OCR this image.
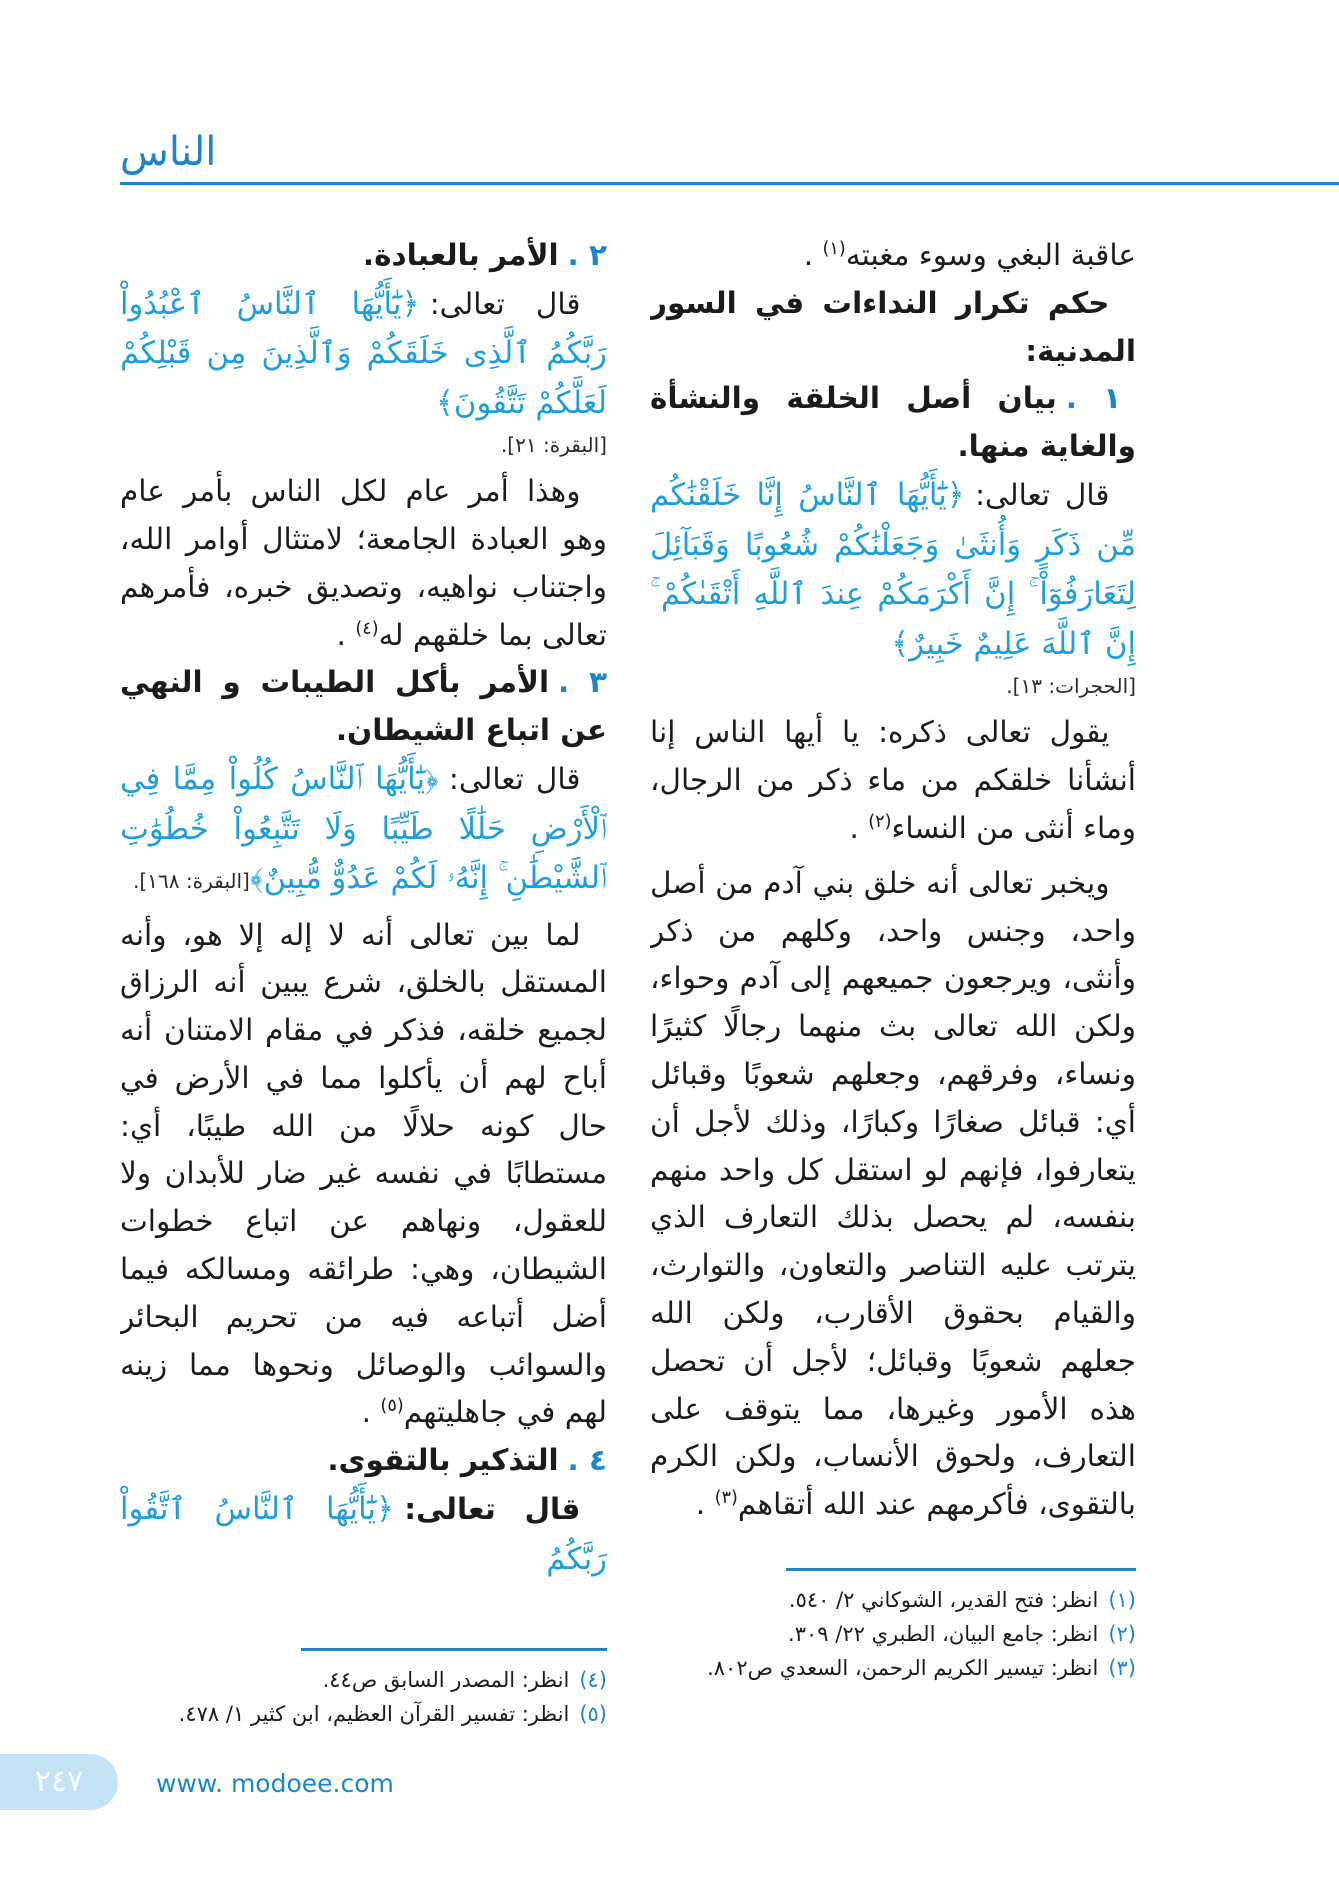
الناس

عاقبة البغي وسوء مغبته$^{(١)}$ .

حكم تكرار النداءات في السور المدنية:
١ .بيان أصل الخلقة والنشأة والغاية منها.

قال تعالى:﴿يَٰٓأَيُّهَا ٱلنَّاسُ إِنَّا خَلَقْنَٰكُم مِّن ذَكَرٍ وَأُنثَىٰ وَجَعَلْنَٰكُمْ شُعُوبًا وَقَبَآئِلَ لِتَعَارَفُوٓاْ ۚ إِنَّ أَكْرَمَكُمْ عِندَ ٱللَّهِ أَتْقَىٰكُمْ ۚ إِنَّ ٱللَّهَ عَلِيمٌ خَبِيرٌ﴾

[الحجرات: ١٣].

يقول تعالى ذكره: يا أيها الناس إنا أنشأنا خلقكم من ماء ذكر من الرجال، وماء أنثى من النساء$^{(٢)}$ .

ويخبر تعالى أنه خلق بني آدم من أصل واحد، وجنس واحد، وكلهم من ذكر وأنثى، ويرجعون جميعهم إلى آدم وحواء، ولكن الله تعالى بث منهما رجالًا كثيرًا ونساء، وفرقهم، وجعلهم شعوبًا وقبائل أي: قبائل صغارًا وكبارًا، وذلك لأجل أن يتعارفوا، فإنهم لو استقل كل واحد منهم بنفسه، لم يحصل بذلك التعارف الذي يترتب عليه التناصر والتعاون، والتوارث، والقيام بحقوق الأقارب، ولكن الله جعلهم شعوبًا وقبائل؛ لأجل أن تحصل هذه الأمور وغيرها، مما يتوقف على التعارف، ولحوق الأنساب، ولكن الكرم بالتقوى، فأكرمهم عند الله أتقاهم$^{(٣)}$ .

(١)
انظر: فتح القدير، الشوكاني ٢/ ٥٤٠.
(٢)
انظر: جامع البيان، الطبري ٢٢/ ٣٠٩.
(٣)
انظر: تيسير الكريم الرحمن، السعدي ص٨٠٢.
٢ .الأمر بالعبادة.

قال تعالى:﴿يَٰٓأَيُّهَا ٱلنَّاسُ ٱعْبُدُواْ رَبَّكُمُ ٱلَّذِى خَلَقَكُمْ وَٱلَّذِينَ مِن قَبْلِكُمْ لَعَلَّكُمْ تَتَّقُونَ﴾

[البقرة: ٢١].

وهذا أمر عام لكل الناس بأمر عام وهو العبادة الجامعة؛ لامتثال أوامر الله، واجتناب نواهيه، وتصديق خبره، فأمرهم تعالى بما خلقهم له$^{(٤)}$ .

٣ .الأمر بأكل الطيبات و النهي عن اتباع الشيطان.

قال تعالى:﴿يَٰٓأَيُّهَا ٱلنَّاسُ كُلُواْ مِمَّا فِي ٱلْأَرْضِ حَلَٰلًا طَيِّبًا وَلَا تَتَّبِعُواْ خُطُوَٰتِ ٱلشَّيْطَٰنِ ۚ إِنَّهُۥ لَكُمْ عَدُوٌّ مُّبِينٌ﴾[البقرة: ١٦٨].

لما بين تعالى أنه لا إله إلا هو، وأنه المستقل بالخلق، شرع يبين أنه الرزاق لجميع خلقه، فذكر في مقام الامتنان أنه أباح لهم أن يأكلوا مما في الأرض في حال كونه حلالًا من الله طيبًا، أي: مستطابًا في نفسه غير ضار للأبدان ولا للعقول، ونهاهم عن اتباع خطوات الشيطان، وهي: طرائقه ومسالكه فيما أضل أتباعه فيه من تحريم البحائر والسوائب والوصائل ونحوها مما زينه لهم في جاهليتهم$^{(٥)}$ .

٤ .التذكير بالتقوى.

قال تعالى:﴿يَٰٓأَيُّهَا ٱلنَّاسُ ٱتَّقُواْ رَبَّكُمُ

(٤)
انظر: المصدر السابق ص٤٤.
(٥)
انظر: تفسير القرآن العظيم، ابن كثير ١/ ٤٧٨.
٢٤٧	www. modoee.com
